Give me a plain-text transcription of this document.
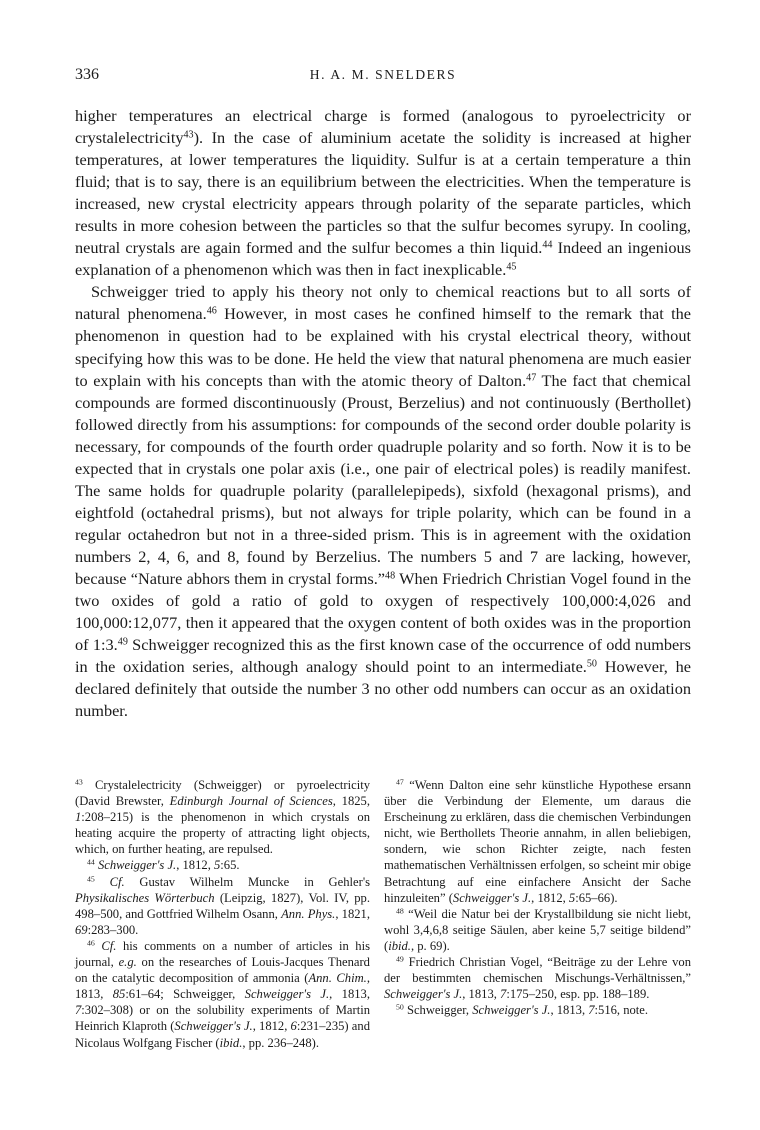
336	H. A. M. SNELDERS

higher temperatures an electrical charge is formed (analogous to pyroelectricity or crystalelectricity$^{43}$). In the case of aluminium acetate the solidity is increased at higher temperatures, at lower temperatures the liquidity. Sulfur is at a certain temperature a thin fluid; that is to say, there is an equilibrium between the electricities. When the temperature is increased, new crystal electricity appears through polarity of the separate particles, which results in more cohesion between the particles so that the sulfur becomes syrupy. In cooling, neutral crystals are again formed and the sulfur becomes a thin liquid.$^{44}$ Indeed an ingenious explanation of a phenomenon which was then in fact inexplicable.$^{45}$

Schweigger tried to apply his theory not only to chemical reactions but to all sorts of natural phenomena.$^{46}$ However, in most cases he confined himself to the remark that the phenomenon in question had to be explained with his crystal electrical theory, without specifying how this was to be done. He held the view that natural phenomena are much easier to explain with his concepts than with the atomic theory of Dalton.$^{47}$ The fact that chemical compounds are formed discontinuously (Proust, Berzelius) and not continuously (Berthollet) followed directly from his assumptions: for compounds of the second order double polarity is necessary, for compounds of the fourth order quadruple polarity and so forth. Now it is to be expected that in crystals one polar axis (i.e., one pair of electrical poles) is readily manifest. The same holds for quadruple polarity (parallelepipeds), sixfold (hexagonal prisms), and eightfold (octahedral prisms), but not always for triple polarity, which can be found in a regular octahedron but not in a three-sided prism. This is in agreement with the oxidation numbers 2, 4, 6, and 8, found by Berzelius. The numbers 5 and 7 are lacking, however, because “Nature abhors them in crystal forms.”$^{48}$ When Friedrich Christian Vogel found in the two oxides of gold a ratio of gold to oxygen of respectively 100,000:4,026 and 100,000:12,077, then it appeared that the oxygen content of both oxides was in the proportion of 1:3.49 Schweigger recognized this as the first known case of the occurrence of odd numbers in the oxidation series, although analogy should point to an intermediate.$^{50}$ However, he declared definitely that outside the number 3 no other odd numbers can occur as an oxidation number.

$^{43}$ Crystalelectricity (Schweigger) or pyroelectricity (David Brewster, Edinburgh Journal of Sciences, 1825, 1:208–215) is the phenomenon in which crystals on heating acquire the property of attracting light objects, which, on further heating, are repulsed.

$^{44}$ Schweigger's J., 1812, 5:65.

$^{45}$ Cf. Gustav Wilhelm Muncke in Gehler's Physikalisches Wörterbuch (Leipzig, 1827), Vol. IV, pp. 498–500, and Gottfried Wilhelm Osann, Ann. Phys., 1821, 69:283–300.

$^{46}$ Cf. his comments on a number of articles in his journal, e.g. on the researches of Louis-Jacques Thenard on the catalytic decomposition of ammonia (Ann. Chim., 1813, 85:61–64; Schweigger, Schweigger's J., 1813, 7:302–308) or on the solubility experiments of Martin Heinrich Klaproth (Schweigger's J., 1812, 6:231–235) and Nicolaus Wolfgang Fischer (ibid., pp. 236–248).

$^{47}$ “Wenn Dalton eine sehr künstliche Hypothese ersann über die Verbindung der Elemente, um daraus die Erscheinung zu erklären, dass die chemischen Verbindungen nicht, wie Berthollets Theorie annahm, in allen beliebigen, sondern, wie schon Richter zeigte, nach festen mathematischen Verhältnissen erfolgen, so scheint mir obige Betrachtung auf eine einfachere Ansicht der Sache hinzuleiten” (Schweigger's J., 1812, 5:65–66).

$^{48}$ “Weil die Natur bei der Krystallbildung sie nicht liebt, wohl 3,4,6,8 seitige Säulen, aber keine 5,7 seitige bildend” (ibid., p. 69).

$^{49}$ Friedrich Christian Vogel, “Beiträge zu der Lehre von der bestimmten chemischen Mischungs-Verhältnissen,” Schweigger's J., 1813, 7:175–250, esp. pp. 188–189.

$^{50}$ Schweigger, Schweigger's J., 1813, 7:516, note.
